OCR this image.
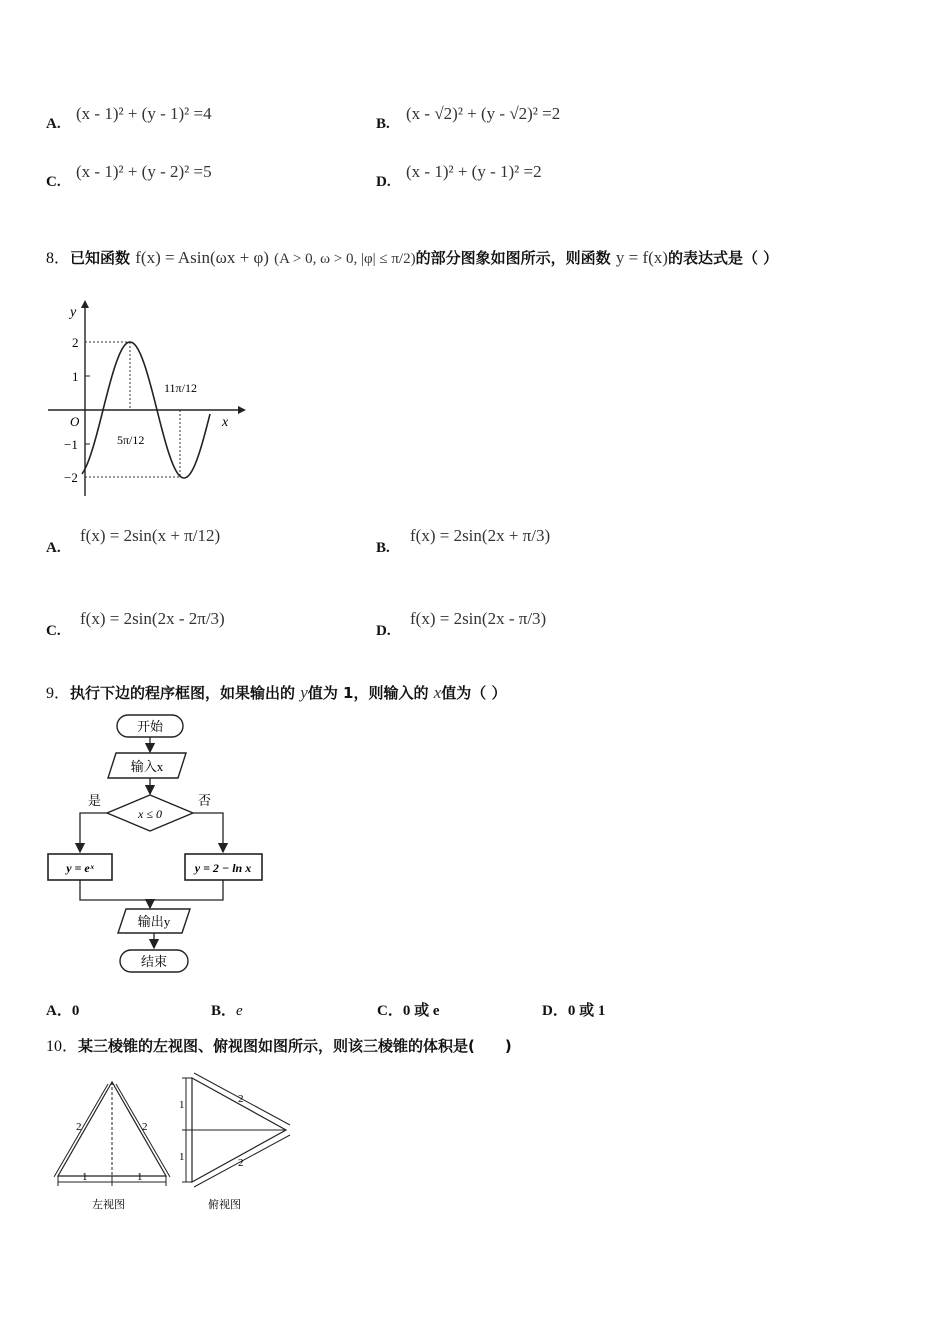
A.
(x - 1)² + (y - 1)² =4
B.
(x - √2)² + (y - √2)² =2
C.
(x - 1)² + (y - 2)² =5
D.
(x - 1)² + (y - 1)² =2
8．已知函数 f(x) = Asin(ωx + φ) (A > 0, ω > 0, |φ| ≤ π/2)的部分图象如图所示，则函数 y = f(x)的表达式是（ ）
y
x
O
2
1
−1
−2
5π/12
11π/12
A.
f(x) = 2sin(x + π/12)
B.
f(x) = 2sin(2x + π/3)
C.
f(x) = 2sin(2x - 2π/3)
D.
f(x) = 2sin(2x - π/3)
9．执行下边的程序框图，如果输出的 y值为 1，则输入的 x值为（ ）
开始
输入x
x ≤ 0
是	否
y = eˣ	y = 2 − ln x
输出y
结束
A．0	B．e	C．0 或 e	D．0 或 1
10．某三棱锥的左视图、俯视图如图所示，则该三棱锥的体积是(　　)
2	2
1	1
左视图
2
2
1
1
俯视图
